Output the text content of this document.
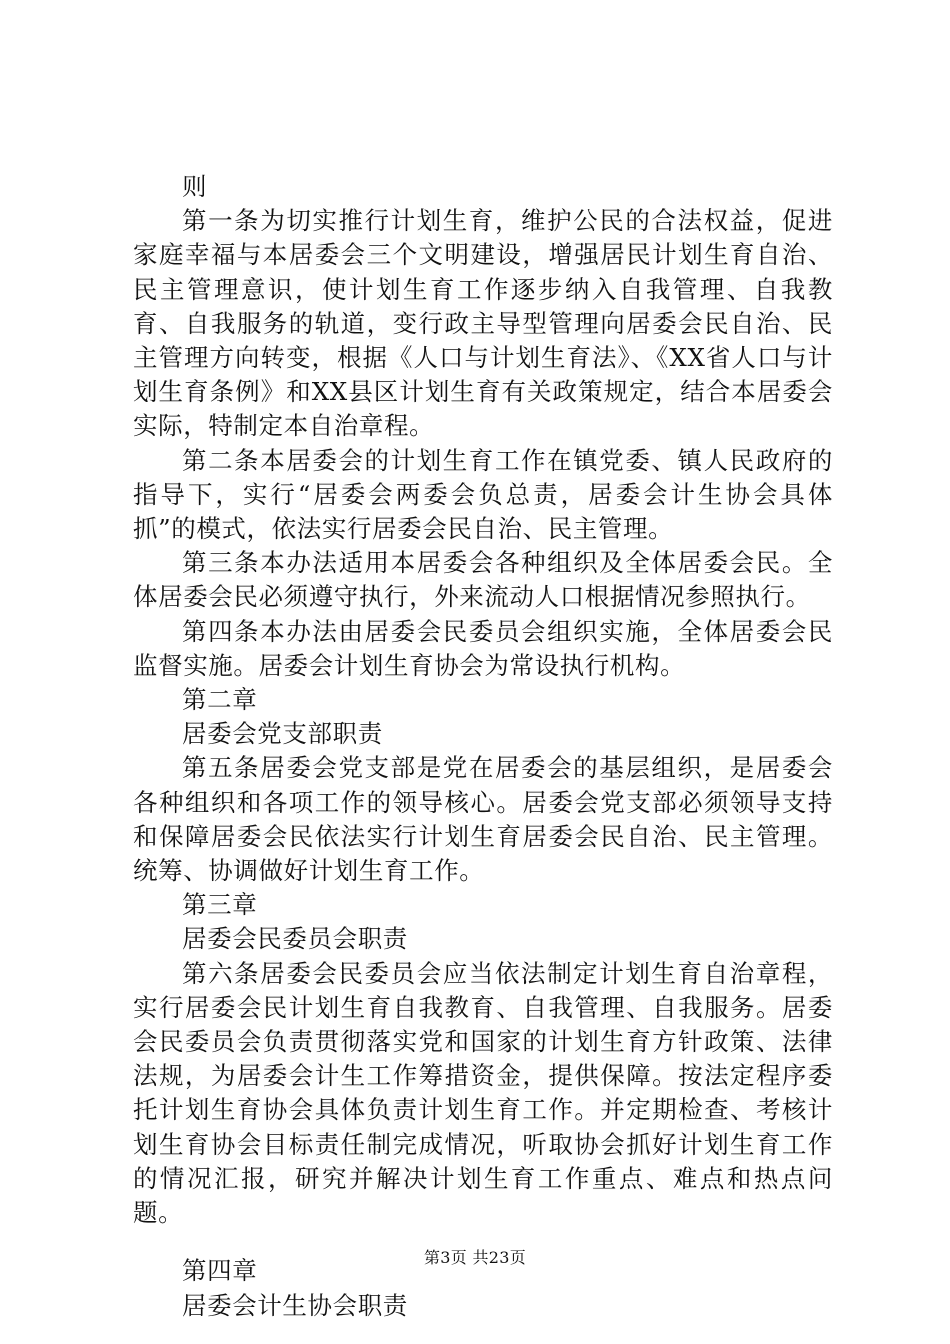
则

第一条为切实推行计划生育，维护公民的合法权益，促进家庭幸福与本居委会三个文明建设，增强居民计划生育自治、民主管理意识，使计划生育工作逐步纳入自我管理、自我教育、自我服务的轨道，变行政主导型管理向居委会民自治、民主管理方向转变，根据《人口与计划生育法》、《XX省人口与计划生育条例》和XX县区计划生育有关政策规定，结合本居委会实际，特制定本自治章程。

第二条本居委会的计划生育工作在镇党委、镇人民政府的指导下，实行“居委会两委会负总责，居委会计生协会具体抓”的模式，依法实行居委会民自治、民主管理。

第三条本办法适用本居委会各种组织及全体居委会民。全体居委会民必须遵守执行，外来流动人口根据情况参照执行。

第四条本办法由居委会民委员会组织实施，全体居委会民监督实施。居委会计划生育协会为常设执行机构。

第二章

居委会党支部职责

第五条居委会党支部是党在居委会的基层组织，是居委会各种组织和各项工作的领导核心。居委会党支部必须领导支持和保障居委会民依法实行计划生育居委会民自治、民主管理。统筹、协调做好计划生育工作。

第三章

居委会民委员会职责

第六条居委会民委员会应当依法制定计划生育自治章程，实行居委会民计划生育自我教育、自我管理、自我服务。居委会民委员会负责贯彻落实党和国家的计划生育方针政策、法律法规，为居委会计生工作筹措资金，提供保障。按法定程序委托计划生育协会具体负责计划生育工作。并定期检查、考核计划生育协会目标责任制完成情况，听取协会抓好计划生育工作的情况汇报，研究并解决计划生育工作重点、难点和热点问题。

第四章

居委会计生协会职责

第3页 共23页
